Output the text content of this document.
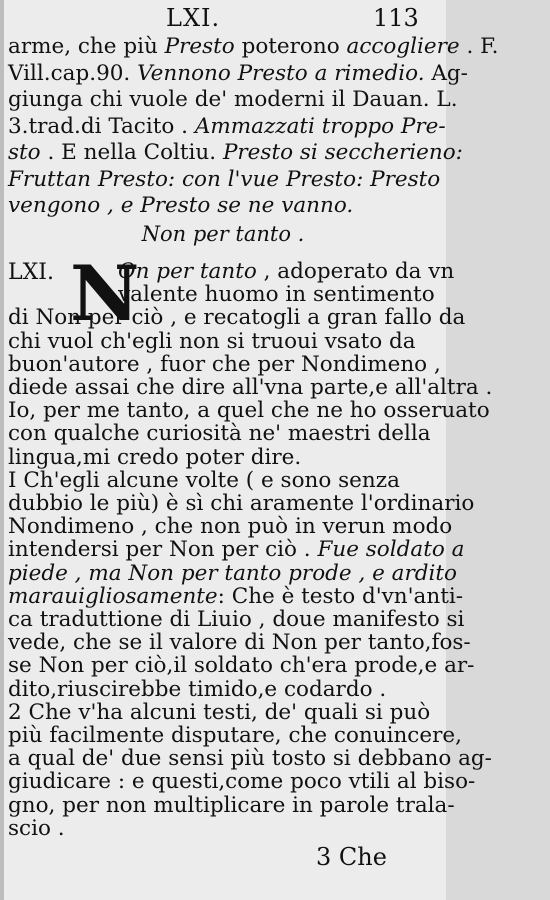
LXI.	113
arme, che più Presto poterono accogliere . F.
Vill.cap.90. Vennono Presto a rimedio. Ag-
giunga chi vuole de' moderni il Dauan. L.
3.trad.di Tacito . Ammazzati troppo Pre-
sto . E nella Coltiu. Presto si seccherieno:
Fruttan Presto: con l'vue Presto: Presto
vengono , e Presto se ne vanno.
Non per tanto .
LXI. N
On per tanto , adoperato da vn
valente huomo in sentimento
di Non per ciò , e recatogli a gran fallo da
chi vuol ch'egli non si truoui vsato da
buon'autore , fuor che per Nondimeno ,
diede assai che dire all'vna parte,e all'altra .
Io, per me tanto, a quel che ne ho osseruato
con qualche curiosità ne' maestri della
lingua,mi credo poter dire.
I Ch'egli alcune volte ( e sono senza
dubbio le più) è sì chi aramente l'ordinario
Nondimeno , che non può in verun modo
intendersi per Non per ciò . Fue soldato a
piede , ma Non per tanto prode , e ardito
marauigliosamente: Che è testo d'vn'anti-
ca traduttione di Liuio , doue manifesto si
vede, che se il valore di Non per tanto,fos-
se Non per ciò,il soldato ch'era prode,e ar-
dito,riuscirebbe timido,e codardo .
2 Che v'ha alcuni testi, de' quali si può
più facilmente disputare, che conuincere,
a qual de' due sensi più tosto si debbano ag-
giudicare : e questi,come poco vtili al biso-
gno, per non multiplicare in parole trala-
scio .
3 Che
